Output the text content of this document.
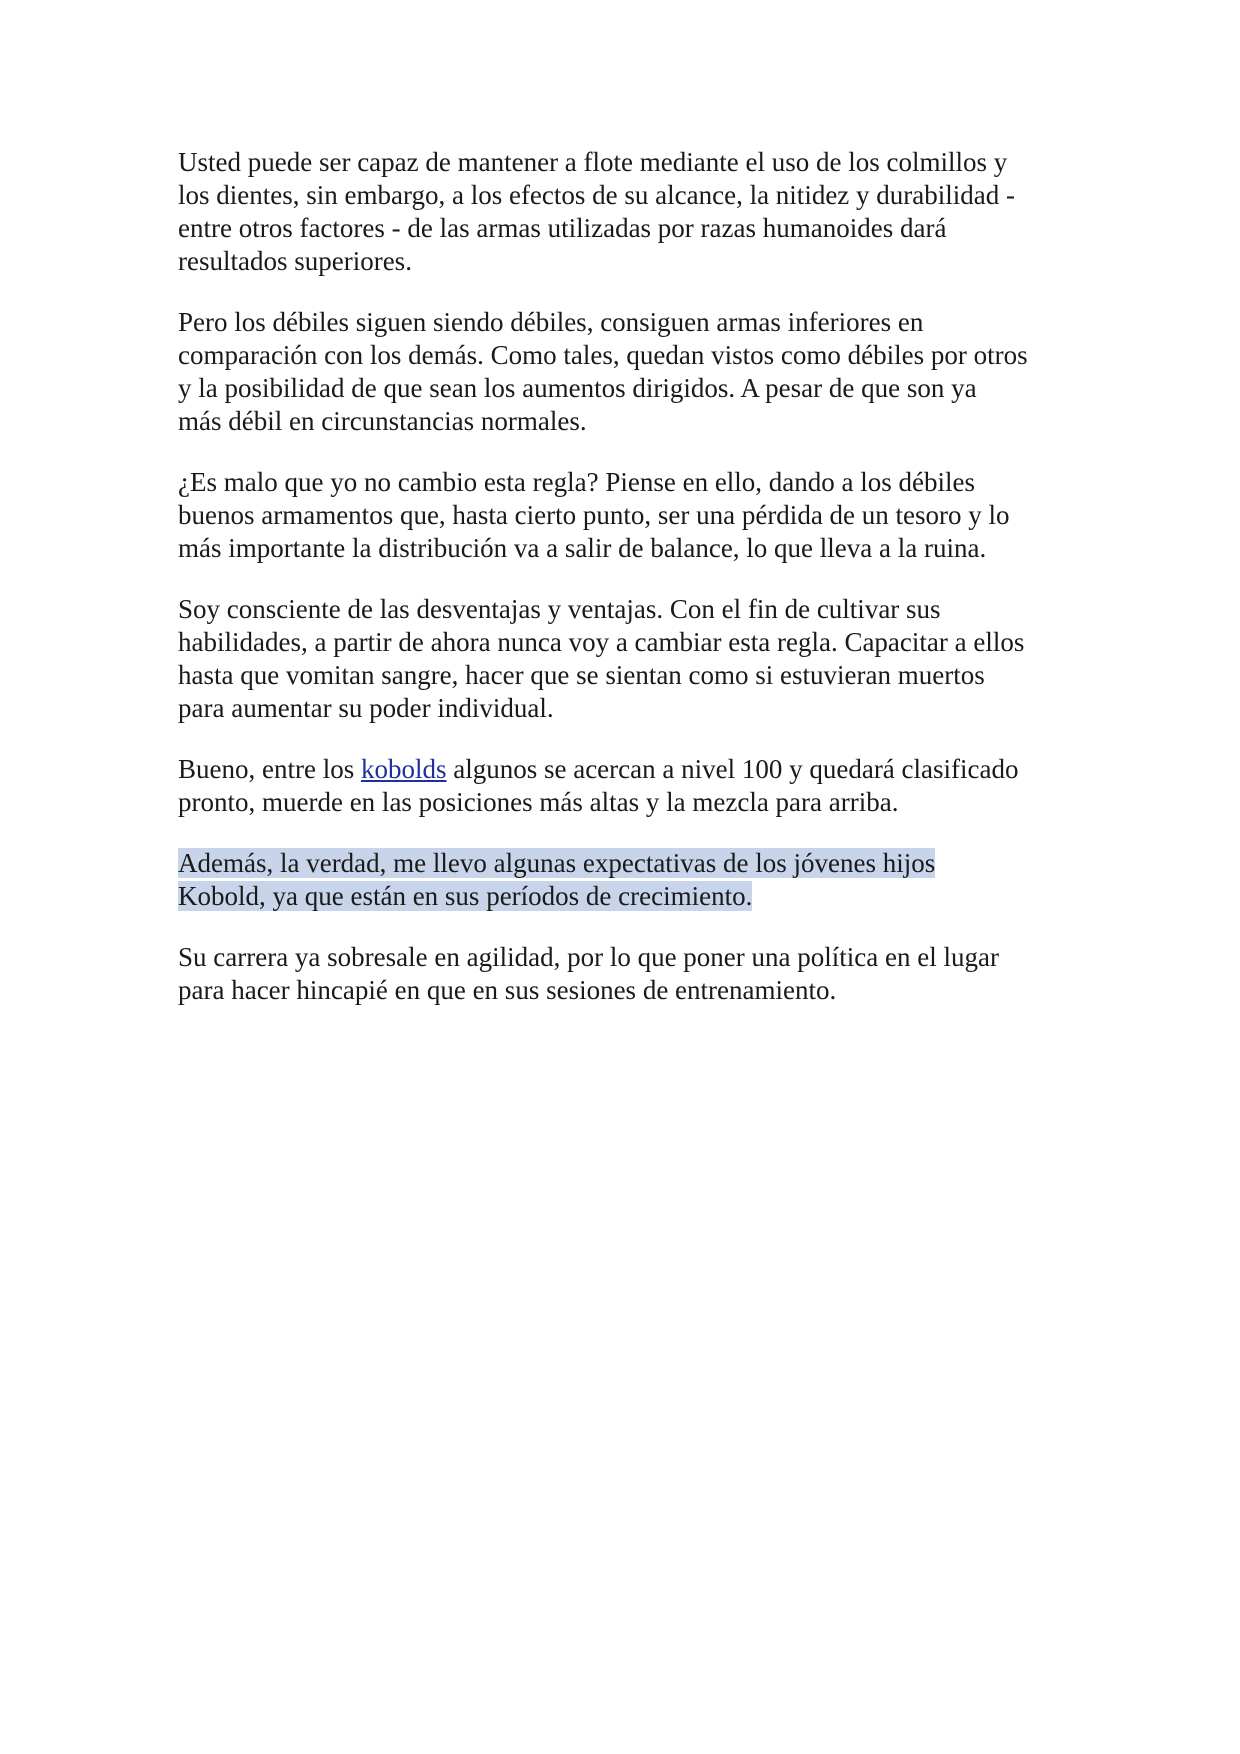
Usted puede ser capaz de mantener a flote mediante el uso de los colmillos y
los dientes, sin embargo, a los efectos de su alcance, la nitidez y durabilidad -
entre otros factores - de las armas utilizadas por razas humanoides dará
resultados superiores.

Pero los débiles siguen siendo débiles, consiguen armas inferiores en
comparación con los demás. Como tales, quedan vistos como débiles por otros
y la posibilidad de que sean los aumentos dirigidos. A pesar de que son ya
más débil en circunstancias normales.

¿Es malo que yo no cambio esta regla? Piense en ello, dando a los débiles
buenos armamentos que, hasta cierto punto, ser una pérdida de un tesoro y lo
más importante la distribución va a salir de balance, lo que lleva a la ruina.

Soy consciente de las desventajas y ventajas. Con el fin de cultivar sus
habilidades, a partir de ahora nunca voy a cambiar esta regla. Capacitar a ellos
hasta que vomitan sangre, hacer que se sientan como si estuvieran muertos
para aumentar su poder individual.

Bueno, entre los kobolds algunos se acercan a nivel 100 y quedará clasificado
pronto, muerde en las posiciones más altas y la mezcla para arriba.

Además, la verdad, me llevo algunas expectativas de los jóvenes hijos
Kobold, ya que están en sus períodos de crecimiento.

Su carrera ya sobresale en agilidad, por lo que poner una política en el lugar
para hacer hincapié en que en sus sesiones de entrenamiento.
